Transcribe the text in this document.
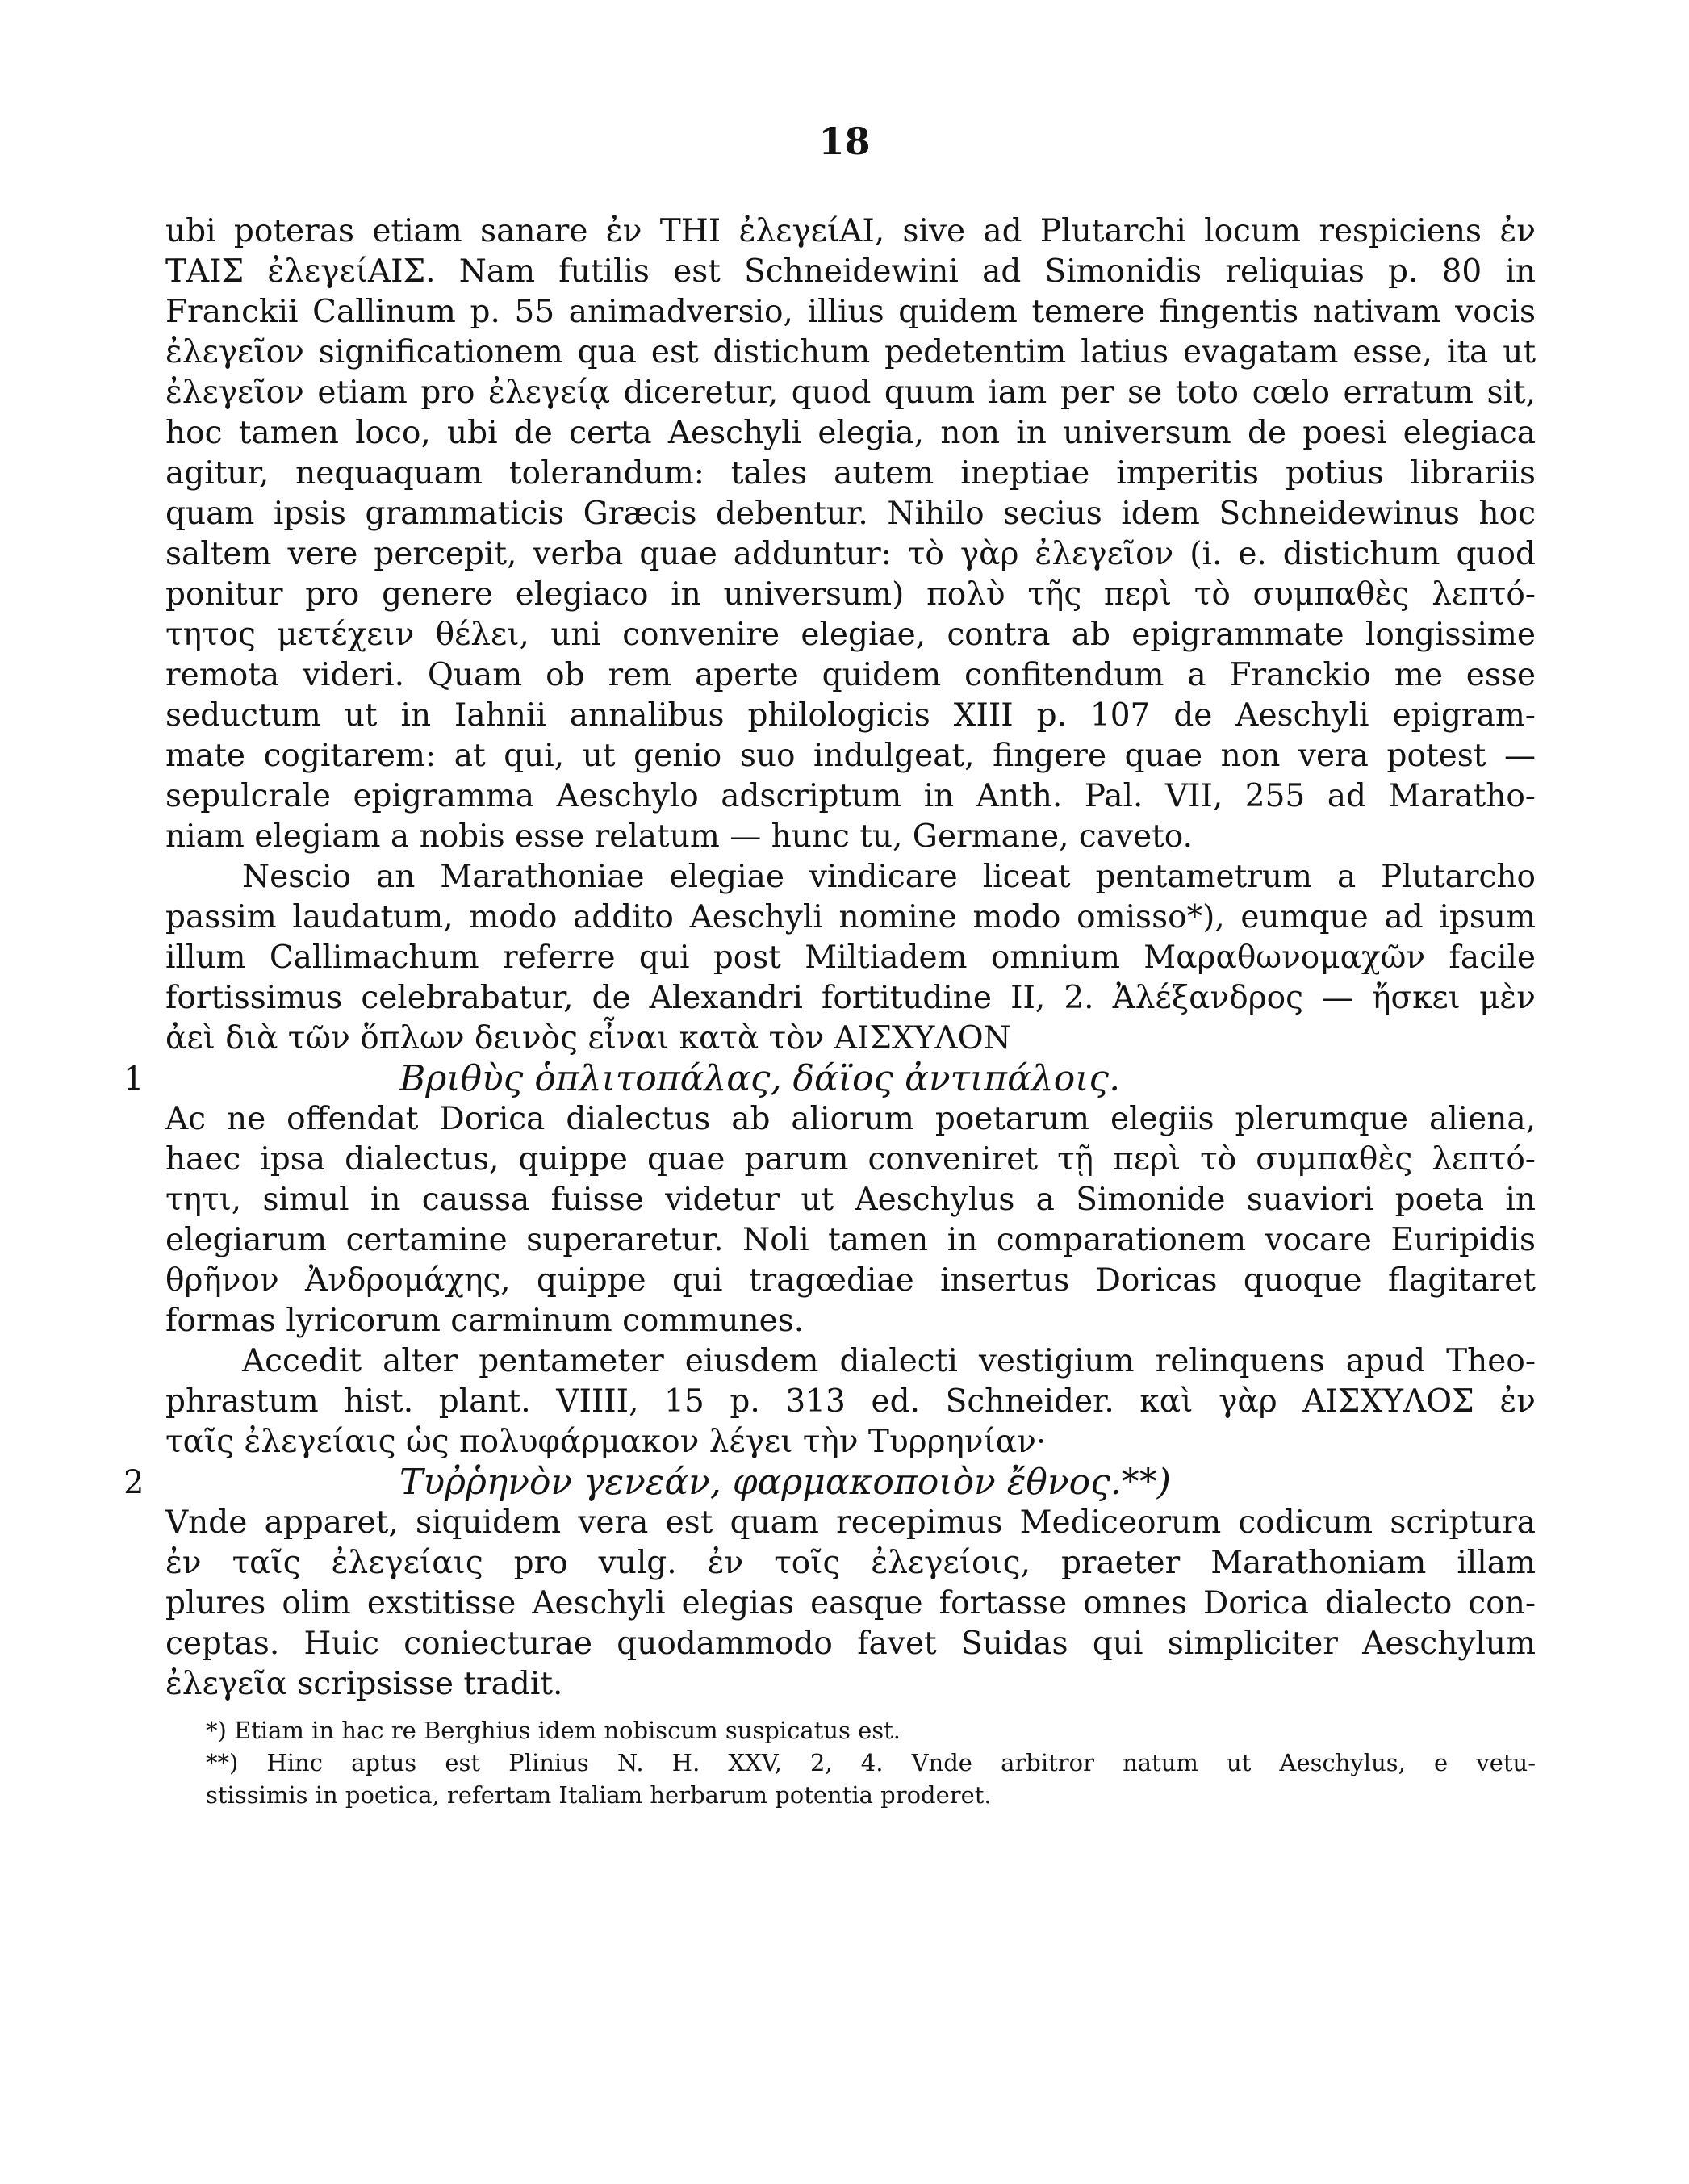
18
ubi poteras etiam sanare ἐν ΤΗΙ ἐλεγείΑΙ, sive ad Plutarchi locum respiciens ἐν
ΤΑΙΣ ἐλεγείΑΙΣ. Nam futilis est Schneidewini ad Simonidis reliquias p. 80 in
Franckii Callinum p. 55 animadversio, illius quidem temere fingentis nativam vocis
ἐλεγεῖον significationem qua est distichum pedetentim latius evagatam esse, ita ut
ἐλεγεῖον etiam pro ἐλεγείᾳ diceretur, quod quum iam per se toto cœlo erratum sit,
hoc tamen loco, ubi de certa Aeschyli elegia, non in universum de poesi elegiaca
agitur, nequaquam tolerandum: tales autem ineptiae imperitis potius librariis
quam ipsis grammaticis Græcis debentur. Nihilo secius idem Schneidewinus hoc
saltem vere percepit, verba quae adduntur: τὸ γὰρ ἐλεγεῖον (i. e. distichum quod
ponitur pro genere elegiaco in universum) πολὺ τῆς περὶ τὸ συμπαθὲς λεπτό-
τητος μετέχειν θέλει, uni convenire elegiae, contra ab epigrammate longissime
remota videri. Quam ob rem aperte quidem confitendum a Franckio me esse
seductum ut in Iahnii annalibus philologicis XIII p. 107 de Aeschyli epigram-
mate cogitarem: at qui, ut genio suo indulgeat, fingere quae non vera potest —
sepulcrale epigramma Aeschylo adscriptum in Anth. Pal. VII, 255 ad Maratho-
niam elegiam a nobis esse relatum — hunc tu, Germane, caveto.
Nescio an Marathoniae elegiae vindicare liceat pentametrum a Plutarcho
passim laudatum, modo addito Aeschyli nomine modo omisso*), eumque ad ipsum
illum Callimachum referre qui post Miltiadem omnium Μαραθωνομαχῶν facile
fortissimus celebrabatur, de Alexandri fortitudine II, 2. Ἀλέξανδρος — ἤσκει μὲν
ἀεὶ διὰ τῶν ὅπλων δεινὸς εἶναι κατὰ τὸν ΑΙΣΧΥΛΟΝ
1	Βριθὺς ὁπλιτοπάλας, δάϊος ἀντιπάλοις.
Ac ne offendat Dorica dialectus ab aliorum poetarum elegiis plerumque aliena,
haec ipsa dialectus, quippe quae parum conveniret τῇ περὶ τὸ συμπαθὲς λεπτό-
τητι, simul in caussa fuisse videtur ut Aeschylus a Simonide suaviori poeta in
elegiarum certamine superaretur. Noli tamen in comparationem vocare Euripidis
θρῆνον Ἀνδρομάχης, quippe qui tragœdiae insertus Doricas quoque flagitaret
formas lyricorum carminum communes.
Accedit alter pentameter eiusdem dialecti vestigium relinquens apud Theo-
phrastum hist. plant. VIIII, 15 p. 313 ed. Schneider. καὶ γὰρ ΑΙΣΧΥΛΟΣ ἐν
ταῖς ἐλεγείαις ὡς πολυφάρμακον λέγει τὴν Τυρρηνίαν·
2	Τυῤῥηνὸν γενεάν, φαρμακοποιὸν ἔθνος.**)
Vnde apparet, siquidem vera est quam recepimus Mediceorum codicum scriptura
ἐν ταῖς ἐλεγείαις pro vulg. ἐν τοῖς ἐλεγείοις, praeter Marathoniam illam
plures olim exstitisse Aeschyli elegias easque fortasse omnes Dorica dialecto con-
ceptas. Huic coniecturae quodammodo favet Suidas qui simpliciter Aeschylum
ἐλεγεῖα scripsisse tradit.
*) Etiam in hac re Berghius idem nobiscum suspicatus est.
**) Hinc aptus est Plinius N. H. XXV, 2, 4. Vnde arbitror natum ut Aeschylus, e vetu-
stissimis in poetica, refertam Italiam herbarum potentia proderet.
